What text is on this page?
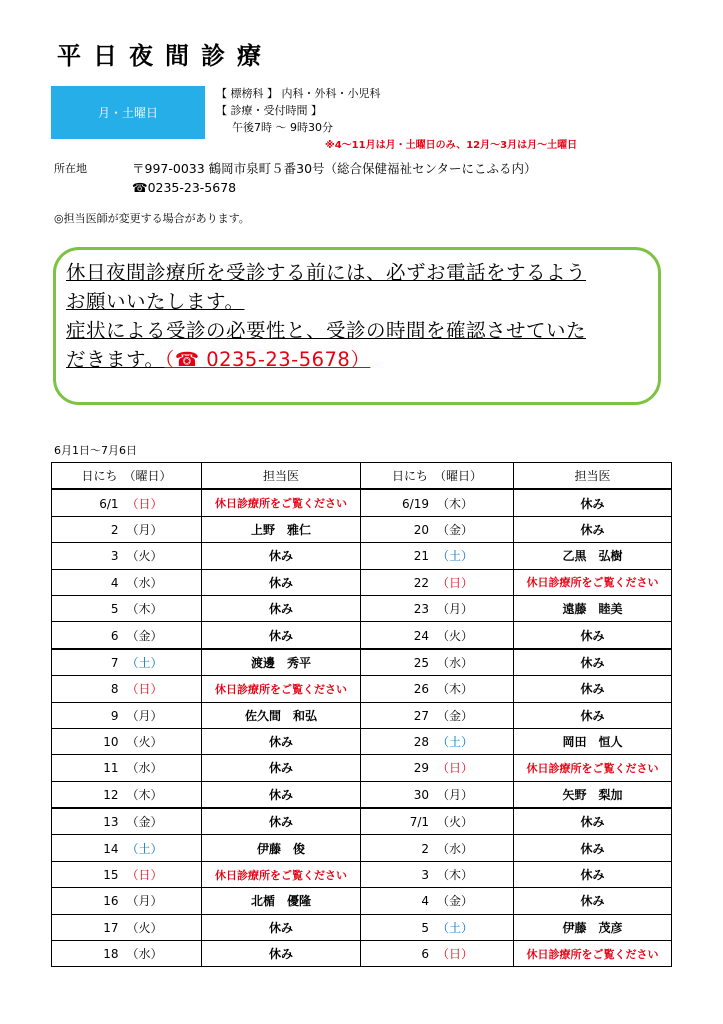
平日夜間診療
月・土曜日
【 標榜科 】 内科・外科・小児科
【 診療・受付時間 】
午後7時 ～ 9時30分
※4～11月は月・土曜日のみ、12月～3月は月～土曜日
所在地	〒997-0033 鶴岡市泉町５番30号（総合保健福祉センターにこふる内）
☎0235-23-5678
◎担当医師が変更する場合があります。
休日夜間診療所を受診する前には、必ずお電話をするよう
お願いいたします。
症状による受診の必要性と、受診の時間を確認させていた
だきます。（☎ 0235-23-5678）
6月1日～7月6日
日にち　（曜日）	担当医	日にち　（曜日）	担当医
6/1 （日）	休日診療所をご覧ください	6/19 （木）	休み
2 （月）	上野　雅仁	20 （金）	休み
3 （火）	休み	21 （土）	乙黒　弘樹
4 （水）	休み	22 （日）	休日診療所をご覧ください
5 （木）	休み	23 （月）	遠藤　睦美
6 （金）	休み	24 （火）	休み
7 （土）	渡邊　秀平	25 （水）	休み
8 （日）	休日診療所をご覧ください	26 （木）	休み
9 （月）	佐久間　和弘	27 （金）	休み
10 （火）	休み	28 （土）	岡田　恒人
11 （水）	休み	29 （日）	休日診療所をご覧ください
12 （木）	休み	30 （月）	矢野　梨加
13 （金）	休み	7/1 （火）	休み
14 （土）	伊藤　俊	2 （水）	休み
15 （日）	休日診療所をご覧ください	3 （木）	休み
16 （月）	北楯　優隆	4 （金）	休み
17 （火）	休み	5 （土）	伊藤　茂彦
18 （水）	休み	6 （日）	休日診療所をご覧ください
